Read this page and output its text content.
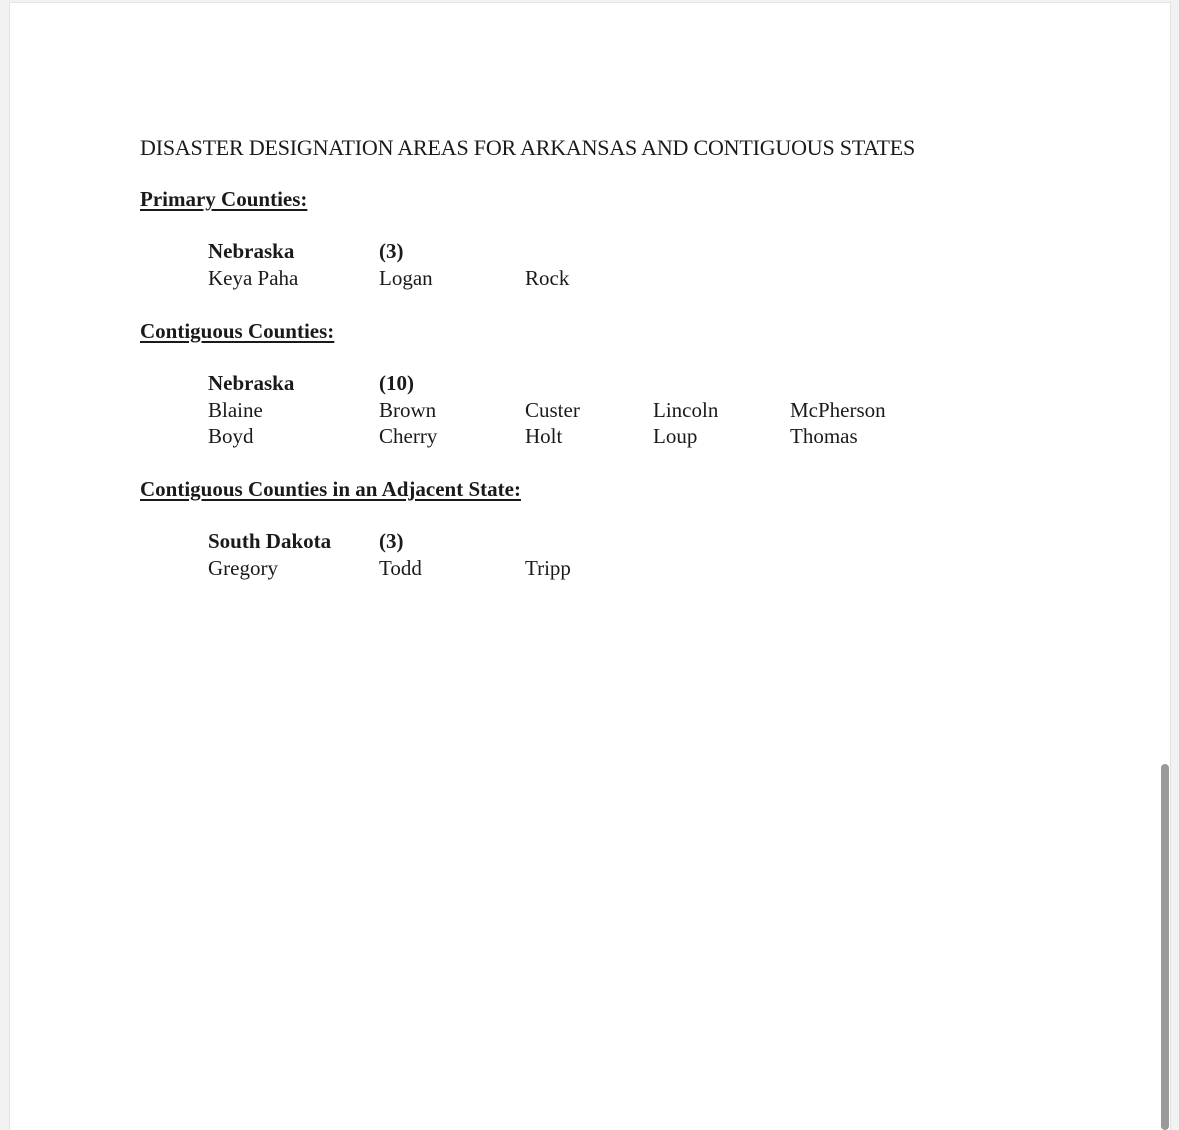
DISASTER DESIGNATION AREAS FOR ARKANSAS AND CONTIGUOUS STATES
Primary Counties:
Nebraska	(3)
Keya Paha	Logan	Rock
Contiguous Counties:
Nebraska	(10)
Blaine	Brown	Custer	Lincoln	McPherson
Boyd	Cherry	Holt	Loup	Thomas
Contiguous Counties in an Adjacent State:
South Dakota (3)
Gregory	Todd	Tripp
